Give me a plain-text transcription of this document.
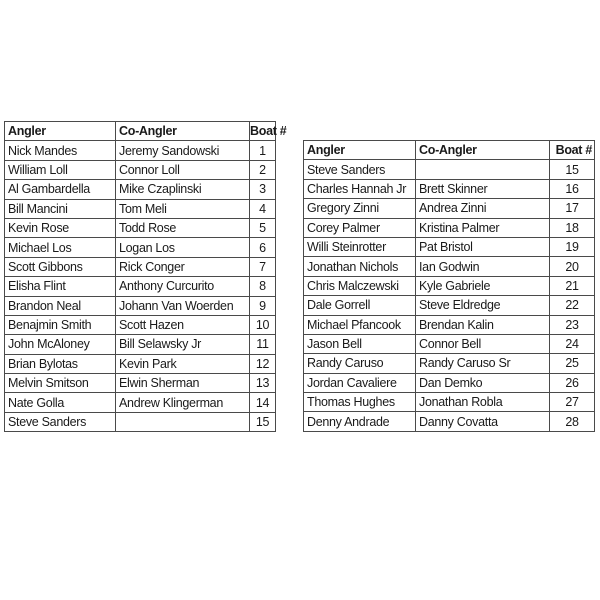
Angler	Co-Angler	Boat #
Nick Mandes	Jeremy Sandowski	1
William Loll	Connor Loll	2
Al Gambardella	Mike Czaplinski	3
Bill Mancini	Tom Meli	4
Kevin Rose	Todd Rose	5
Michael Los	Logan Los	6
Scott Gibbons	Rick Conger	7
Elisha Flint	Anthony Curcurito	8
Brandon Neal	Johann Van Woerden	9
Benajmin Smith	Scott Hazen	10
John McAloney	Bill Selawsky Jr	11
Brian Bylotas	Kevin Park	12
Melvin Smitson	Elwin Sherman	13
Nate Golla	Andrew Klingerman	14
Steve Sanders		15
Angler	Co-Angler	Boat #
Steve Sanders		15
Charles Hannah Jr	Brett Skinner	16
Gregory Zinni	Andrea Zinni	17
Corey Palmer	Kristina Palmer	18
Willi Steinrotter	Pat Bristol	19
Jonathan Nichols	Ian Godwin	20
Chris Malczewski	Kyle Gabriele	21
Dale Gorrell	Steve Eldredge	22
Michael Pfancook	Brendan Kalin	23
Jason Bell	Connor Bell	24
Randy Caruso	Randy Caruso Sr	25
Jordan Cavaliere	Dan Demko	26
Thomas Hughes	Jonathan Robla	27
Denny Andrade	Danny Covatta	28
